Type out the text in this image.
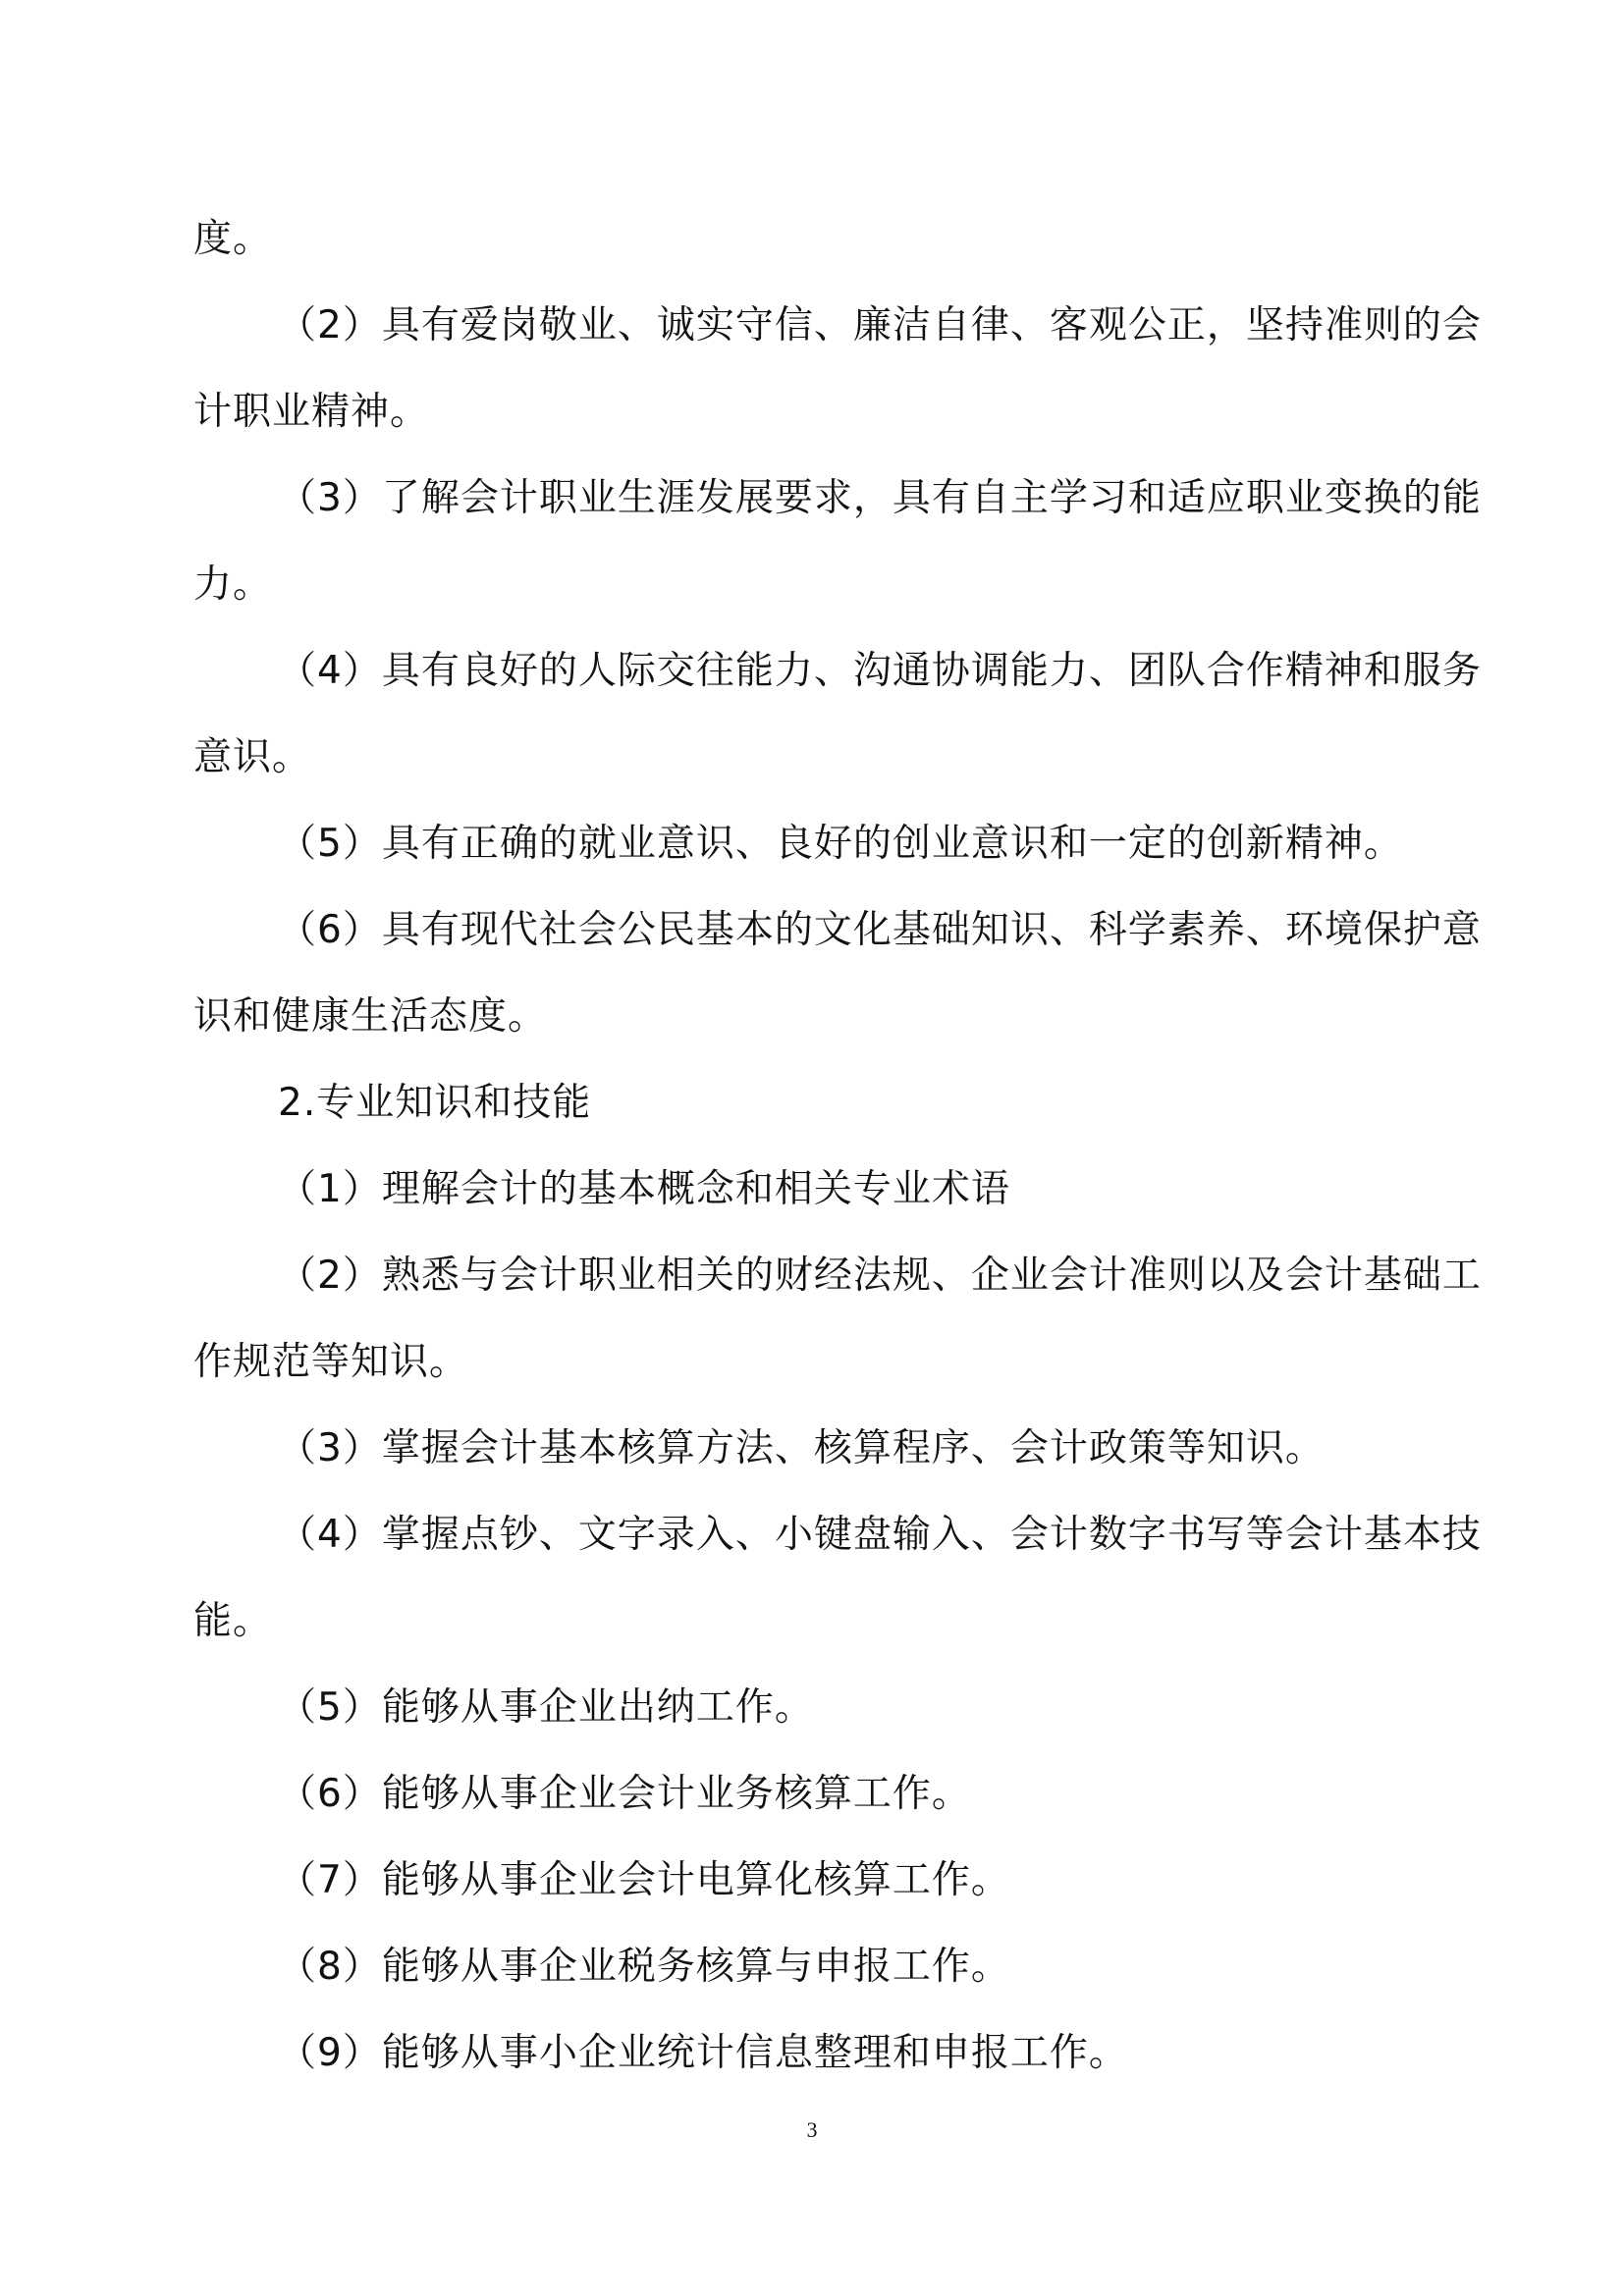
度。
（2）具有爱岗敬业、诚实守信、廉洁自律、客观公正，坚持准则的会
计职业精神。
（3）了解会计职业生涯发展要求，具有自主学习和适应职业变换的能
力。
（4）具有良好的人际交往能力、沟通协调能力、团队合作精神和服务
意识。
（5）具有正确的就业意识、良好的创业意识和一定的创新精神。
（6）具有现代社会公民基本的文化基础知识、科学素养、环境保护意
识和健康生活态度。
2.专业知识和技能
（1）理解会计的基本概念和相关专业术语
（2）熟悉与会计职业相关的财经法规、企业会计准则以及会计基础工
作规范等知识。
（3）掌握会计基本核算方法、核算程序、会计政策等知识。
（4）掌握点钞、文字录入、小键盘输入、会计数字书写等会计基本技
能。
（5）能够从事企业出纳工作。
（6）能够从事企业会计业务核算工作。
（7）能够从事企业会计电算化核算工作。
（8）能够从事企业税务核算与申报工作。
（9）能够从事小企业统计信息整理和申报工作。
3
